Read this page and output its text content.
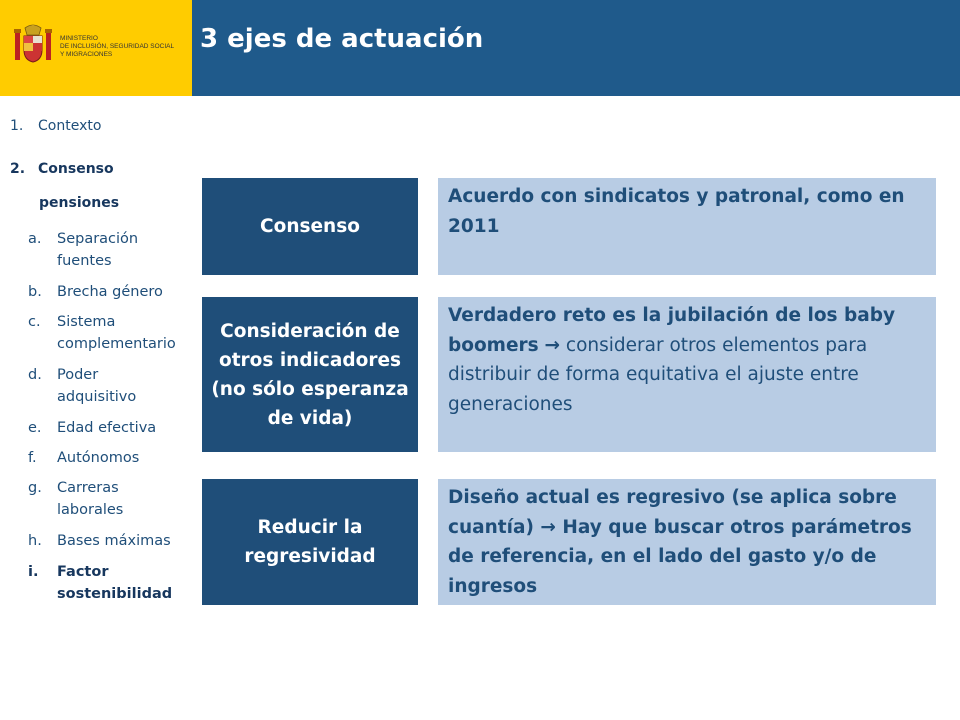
MINISTERIO
DE INCLUSIÓN, SEGURIDAD SOCIAL
Y MIGRACIONES
3 ejes de actuación
1. Contexto
2. Consenso
pensiones
a.	Separación
fuentes
b.	Brecha género
c.	Sistema
complementario
d.	Poder
adquisitivo
e.	Edad efectiva
f.	Autónomos
g.	Carreras
laborales
h.	Bases máximas
i.	Factor
sostenibilidad
Consenso
Acuerdo con sindicatos y patronal, como en 2011
Consideración de
otros indicadores
(no sólo esperanza
de vida)
Verdadero reto es la jubilación de los baby boomers → considerar otros elementos para distribuir de forma equitativa el ajuste entre generaciones
Reducir la
regresividad
Diseño actual es regresivo (se aplica sobre cuantía) → Hay que buscar otros parámetros de referencia, en el lado del gasto y/o de ingresos
